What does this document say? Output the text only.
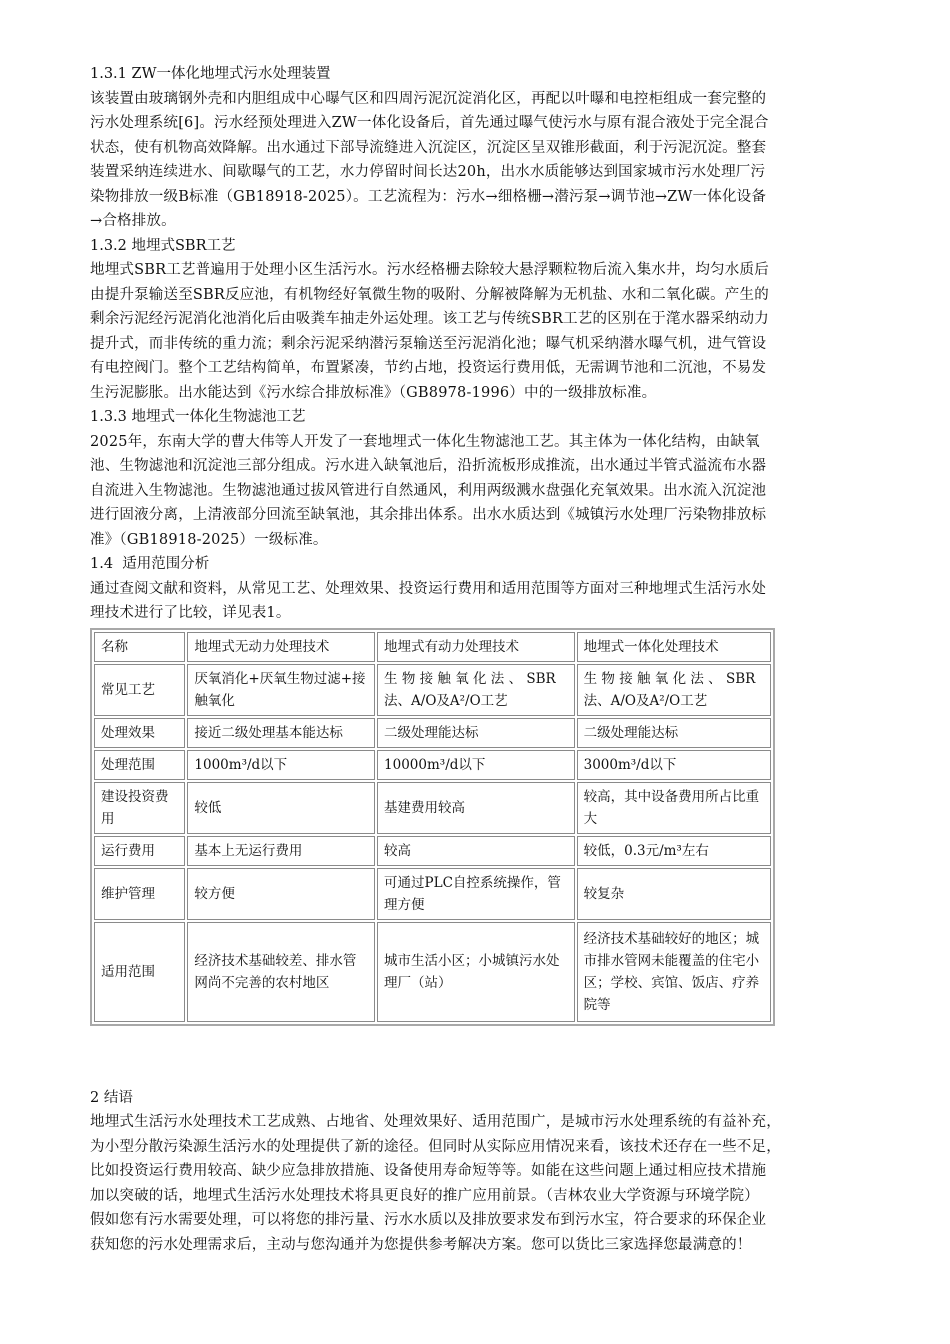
1.3.1 ZW一体化地埋式污水处理装置
该装置由玻璃钢外壳和内胆组成中心曝气区和四周污泥沉淀消化区，再配以叶曝和电控柜组成一套完整的
污水处理系统[6]。污水经预处理进入ZW一体化设备后，首先通过曝气使污水与原有混合液处于完全混合
状态，使有机物高效降解。出水通过下部导流缝进入沉淀区，沉淀区呈双锥形截面，利于污泥沉淀。整套
装置采纳连续进水、间歇曝气的工艺，水力停留时间长达20h，出水水质能够达到国家城市污水处理厂污
染物排放一级B标准（GB18918-2025）。工艺流程为：污水→细格栅→潜污泵→调节池→ZW一体化设备
→合格排放。
1.3.2 地埋式SBR工艺
地埋式SBR工艺普遍用于处理小区生活污水。污水经格栅去除较大悬浮颗粒物后流入集水井，均匀水质后
由提升泵输送至SBR反应池，有机物经好氧微生物的吸附、分解被降解为无机盐、水和二氧化碳。产生的
剩余污泥经污泥消化池消化后由吸粪车抽走外运处理。该工艺与传统SBR工艺的区别在于滗水器采纳动力
提升式，而非传统的重力流；剩余污泥采纳潜污泵输送至污泥消化池；曝气机采纳潜水曝气机，进气管设
有电控阀门。整个工艺结构简单，布置紧凑，节约占地，投资运行费用低，无需调节池和二沉池，不易发
生污泥膨胀。出水能达到《污水综合排放标准》（GB8978-1996）中的一级排放标准。
1.3.3 地埋式一体化生物滤池工艺
2025年，东南大学的曹大伟等人开发了一套地埋式一体化生物滤池工艺。其主体为一体化结构，由缺氧
池、生物滤池和沉淀池三部分组成。污水进入缺氧池后，沿折流板形成推流，出水通过半管式溢流布水器
自流进入生物滤池。生物滤池通过拔风管进行自然通风，利用两级溅水盘强化充氧效果。出水流入沉淀池
进行固液分离，上清液部分回流至缺氧池，其余排出体系。出水水质达到《城镇污水处理厂污染物排放标
准》（GB18918-2025）一级标准。
1.4  适用范围分析
通过查阅文献和资料，从常见工艺、处理效果、投资运行费用和适用范围等方面对三种地埋式生活污水处
理技术进行了比较，详见表1。
名称	地埋式无动力处理技术	地埋式有动力处理技术	地埋式一体化处理技术
常见工艺	厌氧消化+厌氧生物过滤+接触氧化	生 物 接 触 氧 化 法 、 SBR 法、A/O及A²/O工艺	生 物 接 触 氧 化 法 、 SBR 法、A/O及A²/O工艺
处理效果	接近二级处理基本能达标	二级处理能达标	二级处理能达标
处理范围	1000m³/d以下	10000m³/d以下	3000m³/d以下
建设投资费用	较低	基建费用较高	较高，其中设备费用所占比重大
运行费用	基本上无运行费用	较高	较低，0.3元/m³左右
维护管理	较方便	可通过PLC自控系统操作，管理方便	较复杂
适用范围	经济技术基础较差、排水管网尚不完善的农村地区	城市生活小区；小城镇污水处理厂（站）	经济技术基础较好的地区；城市排水管网未能覆盖的住宅小区；学校、宾馆、饭店、疗养院等
2 结语
地埋式生活污水处理技术工艺成熟、占地省、处理效果好、适用范围广，是城市污水处理系统的有益补充，
为小型分散污染源生活污水的处理提供了新的途径。但同时从实际应用情况来看，该技术还存在一些不足，
比如投资运行费用较高、缺少应急排放措施、设备使用寿命短等等。如能在这些问题上通过相应技术措施
加以突破的话，地埋式生活污水处理技术将具更良好的推广应用前景。（吉林农业大学资源与环境学院）
假如您有污水需要处理，可以将您的排污量、污水水质以及排放要求发布到污水宝，符合要求的环保企业
获知您的污水处理需求后，主动与您沟通并为您提供参考解决方案。您可以货比三家选择您最满意的！
